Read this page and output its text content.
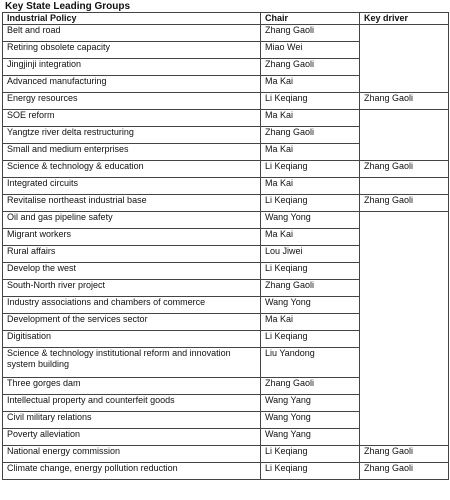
Key State Leading Groups
Industrial Policy	Chair	Key driver
Belt and road	Zhang Gaoli	
Retiring obsolete capacity	Miao Wei	
Jingjinji integration	Zhang Gaoli	
Advanced manufacturing	Ma Kai	
Energy resources	Li Keqiang	Zhang Gaoli
SOE reform	Ma Kai	
Yangtze river delta restructuring	Zhang Gaoli	
Small and medium enterprises	Ma Kai	
Science & technology & education	Li Keqiang	Zhang Gaoli
Integrated circuits	Ma Kai	
Revitalise northeast industrial base	Li Keqiang	Zhang Gaoli
Oil and gas pipeline safety	Wang Yong	
Migrant workers	Ma Kai	
Rural affairs	Lou Jiwei	
Develop the west	Li Keqiang	
South-North river project	Zhang Gaoli	
Industry associations and chambers of commerce	Wang Yong	
Development of the services sector	Ma Kai	
Digitisation	Li Keqiang	
Science & technology institutional reform and innovation system building	Liu Yandong	
Three gorges dam	Zhang Gaoli	
Intellectual property and counterfeit goods	Wang Yang	
Civil military relations	Wang Yong	
Poverty alleviation	Wang Yang	
National energy commission	Li Keqiang	Zhang Gaoli
Climate change, energy pollution reduction	Li Keqiang	Zhang Gaoli
